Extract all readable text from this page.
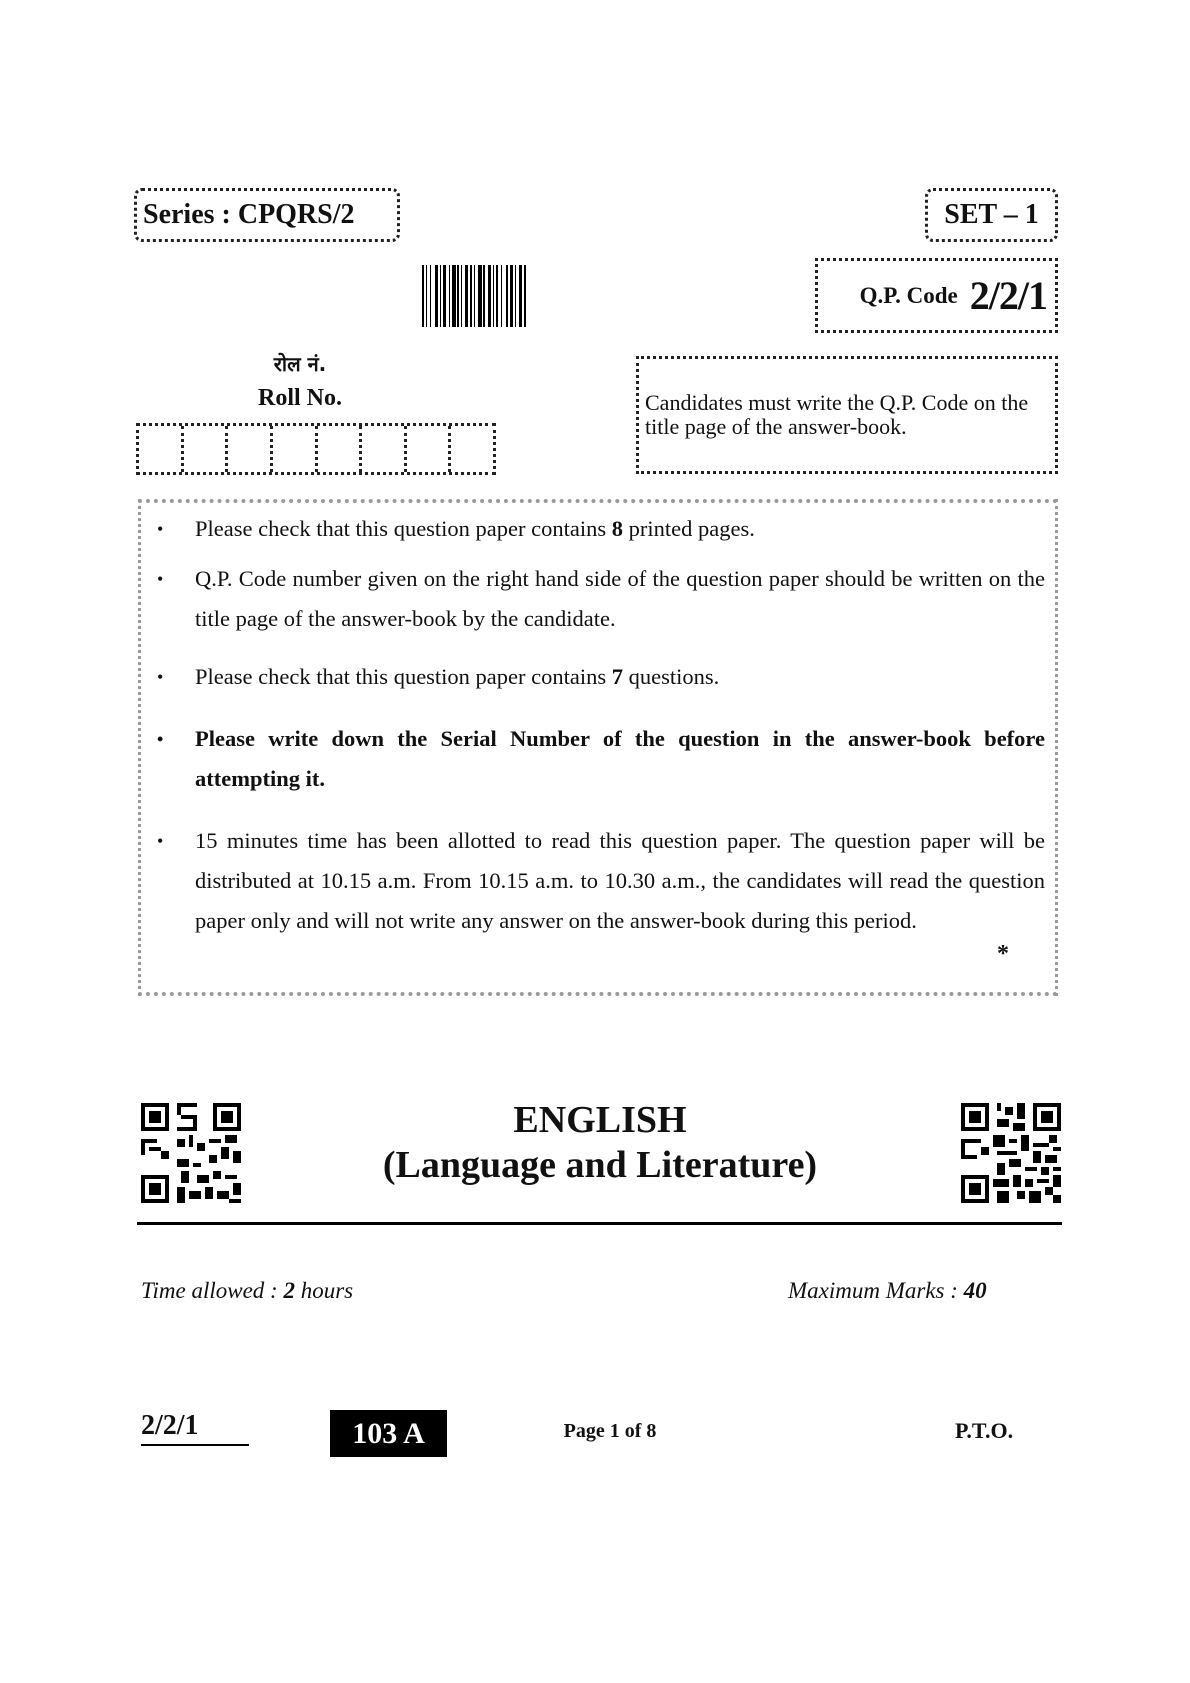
Series : CPQRS/2	SET – 1
Q.P. Code 2/2/1
रोल नं.
Roll No.	Candidates must write the Q.P. Code on the title page of the answer-book.
• Please check that this question paper contains 8 printed pages.
• Q.P. Code number given on the right hand side of the question paper should be written on the title page of the answer-book by the candidate.
• Please check that this question paper contains 7 questions.
• Please write down the Serial Number of the question in the answer-book before attempting it.
• 15 minutes time has been allotted to read this question paper. The question paper will be distributed at 10.15 a.m. From 10.15 a.m. to 10.30 a.m., the candidates will read the question paper only and will not write any answer on the answer-book during this period.
*
ENGLISH
(Language and Literature)
Time allowed : 2 hours	Maximum Marks : 40
2/2/1	103 A	Page 1 of 8	P.T.O.
